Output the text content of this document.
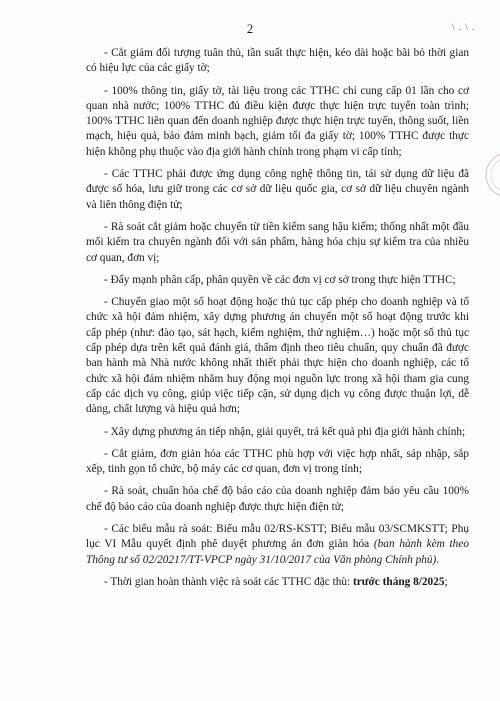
2	\ . \ .

- Cắt giảm đối tượng tuân thủ, tần suất thực hiện, kéo dài hoặc bãi bỏ thời gian có hiệu lực của các giấy tờ;

- 100% thông tin, giấy tờ, tài liệu trong các TTHC chỉ cung cấp 01 lần cho cơ quan nhà nước; 100% TTHC đủ điều kiện được thực hiện trực tuyến toàn trình; 100% TTHC liên quan đến doanh nghiệp được thực hiện trực tuyến, thông suốt, liền mạch, hiệu quả, bảo đảm minh bạch, giảm tối đa giấy tờ; 100% TTHC được thực hiện không phụ thuộc vào địa giới hành chính trong phạm vi cấp tỉnh;

- Các TTHC phải được ứng dụng công nghệ thông tin, tái sử dụng dữ liệu đã được số hóa, lưu giữ trong các cơ sở dữ liệu quốc gia, cơ sở dữ liệu chuyên ngành và liên thông điện tử;

- Rà soát cắt giảm hoặc chuyển từ tiền kiểm sang hậu kiểm; thống nhất một đầu mối kiểm tra chuyên ngành đối với sản phẩm, hàng hóa chịu sự kiểm tra của nhiều cơ quan, đơn vị;

- Đẩy mạnh phân cấp, phân quyền về các đơn vị cơ sở trong thực hiện TTHC;

- Chuyển giao một số hoạt động hoặc thủ tục cấp phép cho doanh nghiệp và tổ chức xã hội đảm nhiệm, xây dựng phương án chuyển một số hoạt động trước khi cấp phép (như: đào tạo, sát hạch, kiểm nghiệm, thử nghiệm…) hoặc một số thủ tục cấp phép dựa trên kết quả đánh giá, thẩm định theo tiêu chuẩn, quy chuẩn đã được ban hành mà Nhà nước không nhất thiết phải thực hiện cho doanh nghiệp, các tổ chức xã hội đảm nhiệm nhằm huy động mọi nguồn lực trong xã hội tham gia cung cấp các dịch vụ công, giúp việc tiếp cận, sử dụng dịch vụ công được thuận lợi, dễ dàng, chất lượng và hiệu quả hơn;

- Xây dựng phương án tiếp nhận, giải quyết, trả kết quả phi địa giới hành chính;

- Cắt giảm, đơn giản hóa các TTHC phù hợp với việc hợp nhất, sáp nhập, sắp xếp, tinh gọn tổ chức, bộ máy các cơ quan, đơn vị trong tỉnh;

- Rà soát, chuẩn hóa chế độ báo cáo của doanh nghiệp đảm bảo yêu cầu 100% chế độ báo cáo của doanh nghiệp được thực hiện điện tử;

- Các biểu mẫu rà soát: Biểu mẫu 02/RS-KSTT; Biểu mẫu 03/SCMKSTT; Phụ lục VI Mẫu quyết định phê duyệt phương án đơn giản hóa (ban hành kèm theo Thông tư số 02/20217/TT-VPCP ngày 31/10/2017 của Văn phòng Chính phủ).

- Thời gian hoàn thành việc rà soát các TTHC đặc thù: trước tháng 8/2025;
